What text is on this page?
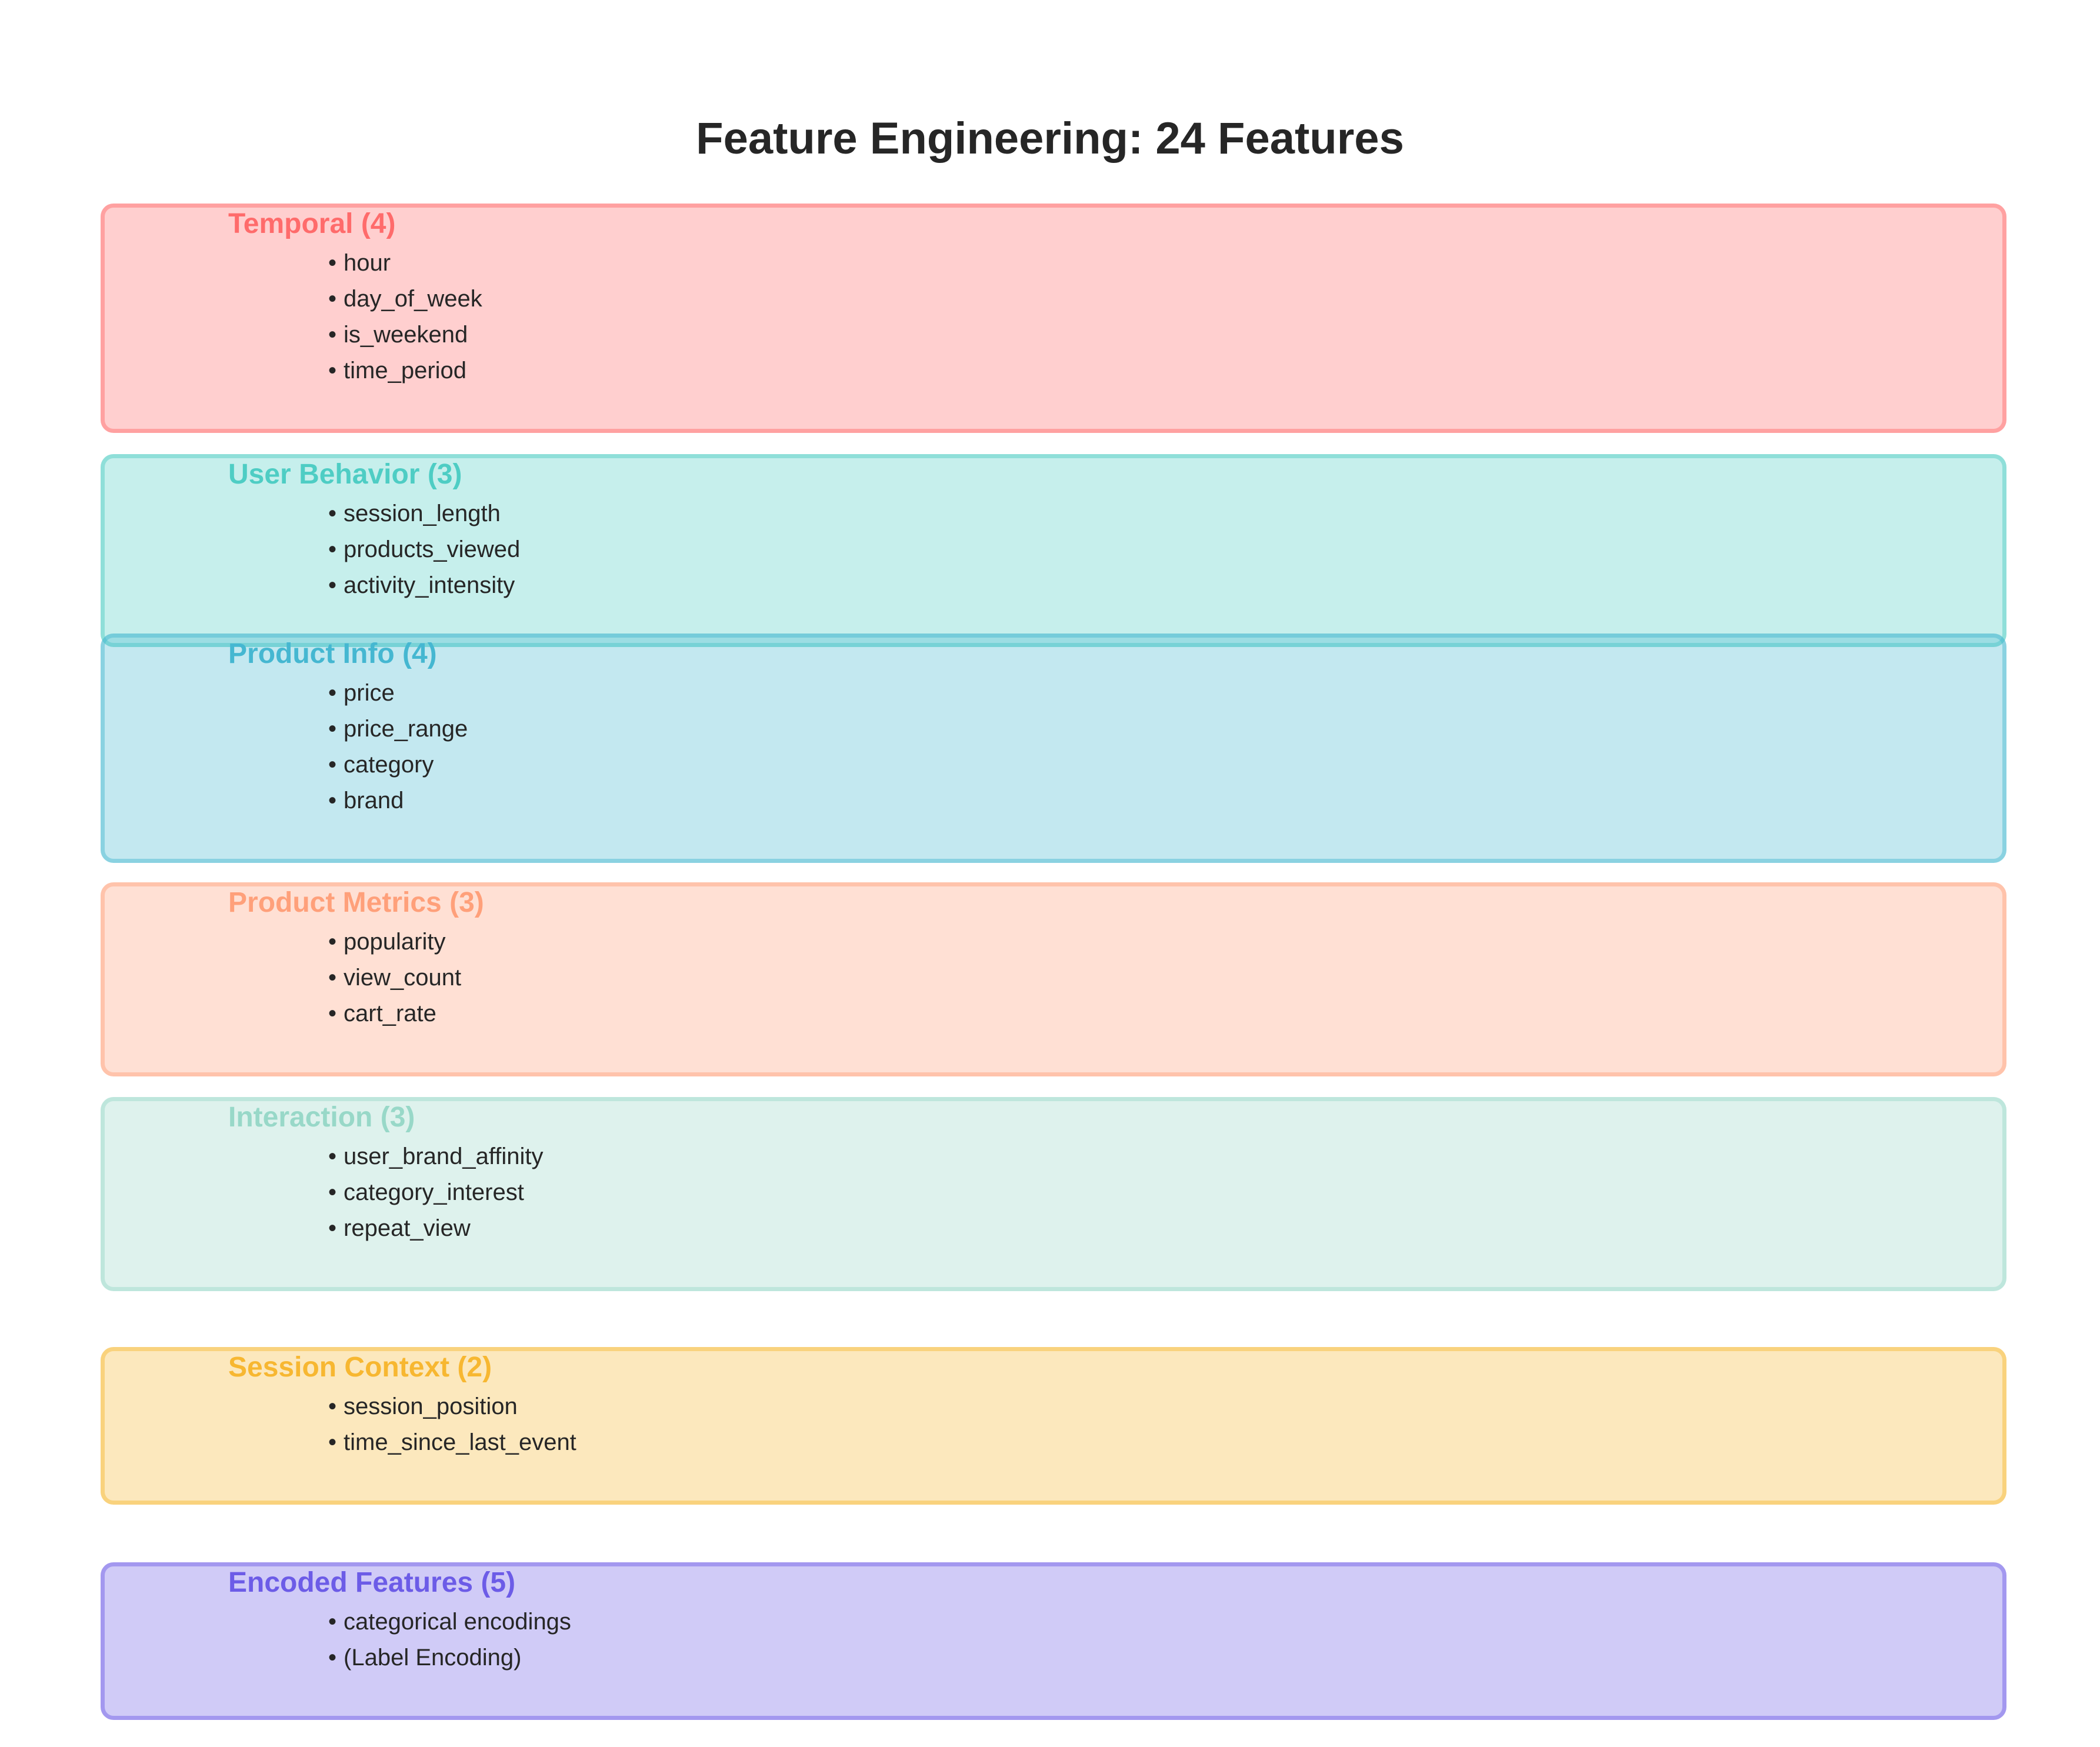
Feature Engineering: 24 Features
Temporal (4)
• hour
• day_of_week
• is_weekend
• time_period
User Behavior (3)
• session_length
• products_viewed
• activity_intensity
Product Info (4)
• price
• price_range
• category
• brand
Product Metrics (3)
• popularity
• view_count
• cart_rate
Interaction (3)
• user_brand_affinity
• category_interest
• repeat_view
Session Context (2)
• session_position
• time_since_last_event
Encoded Features (5)
• categorical encodings
• (Label Encoding)
